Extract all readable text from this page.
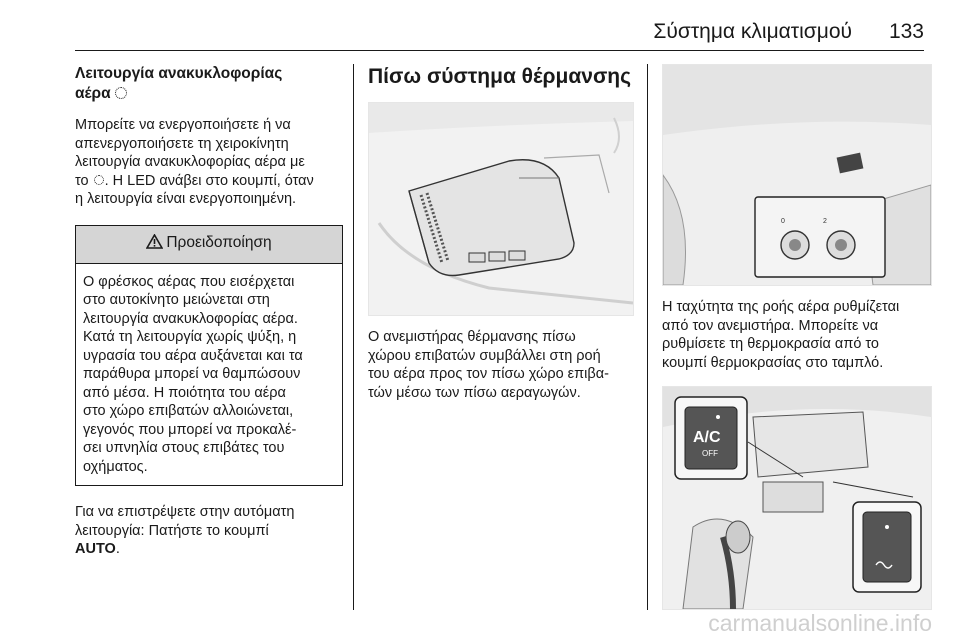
Σύστημα κλιματισμού 133
Λειτουργία ανακυκλοφορίας
αέρα

Μπορείτε να ενεργοποιήσετε ή να
απενεργοποιήσετε τη χειροκίνητη
λειτουργία ανακυκλοφορίας αέρα με
το . Η LED ανάβει στο κουμπί, όταν
η λειτουργία είναι ενεργοποιημένη.

Προειδοποίηση

Ο φρέσκος αέρας που εισέρχεται
στο αυτοκίνητο μειώνεται στη
λειτουργία ανακυκλοφορίας αέρα.
Κατά τη λειτουργία χωρίς ψύξη, η
υγρασία του αέρα αυξάνεται και τα
παράθυρα μπορεί να θαμπώσουν
από μέσα. Η ποιότητα του αέρα
στο χώρο επιβατών αλλοιώνεται,
γεγονός που μπορεί να προκαλέ-
σει υπνηλία στους επιβάτες του
οχήματος.

Για να επιστρέψετε στην αυτόματη
λειτουργία: Πατήστε το κουμπί
AUTO.

Πίσω σύστημα θέρμανσης

Ο ανεμιστήρας θέρμανσης πίσω
χώρου επιβατών συμβάλλει στη ροή
του αέρα προς τον πίσω χώρο επιβα-
τών μέσω των πίσω αεραγωγών.

0	2

Η ταχύτητα της ροής αέρα ρυθμίζεται
από τον ανεμιστήρα. Μπορείτε να
ρυθμίσετε τη θερμοκρασία από το
κουμπί θερμοκρασίας στο ταμπλό.

A/C
OFF
carmanualsonline.info
